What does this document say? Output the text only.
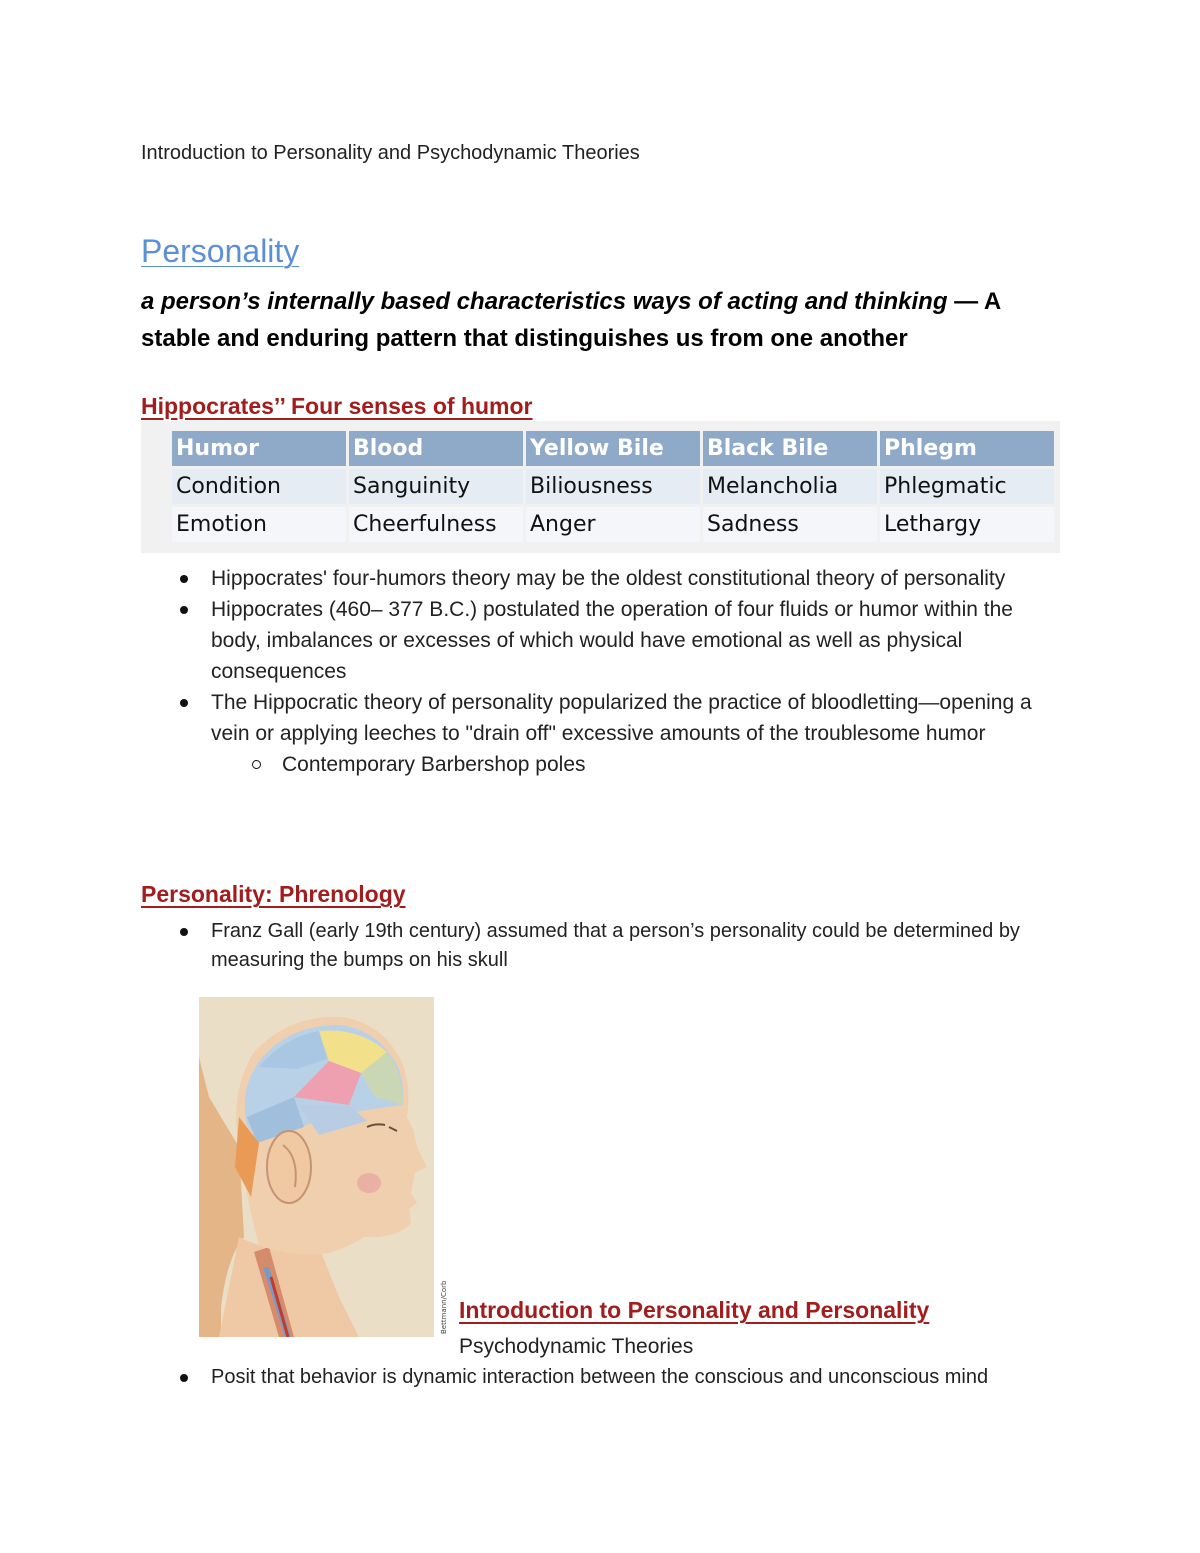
Introduction to Personality and Psychodynamic Theories
Personality
a person’s internally based characteristics ways of acting and thinking — A stable and enduring pattern that distinguishes us from one another
Hippocrates’’ Four senses of humor
Humor	Blood	Yellow Bile	Black Bile	Phlegm
Condition	Sanguinity	Biliousness	Melancholia	Phlegmatic
Emotion	Cheerfulness	Anger	Sadness	Lethargy
Hippocrates' four-humors theory may be the oldest constitutional theory of personality
Hippocrates (460– 377 B.C.) postulated the operation of four fluids or humor within the body, imbalances or excesses of which would have emotional as well as physical consequences
The Hippocratic theory of personality popularized the practice of bloodletting—opening a vein or applying leeches to "drain off" excessive amounts of the troublesome humor
Contemporary Barbershop poles
Personality: Phrenology
Franz Gall (early 19th century) assumed that a person’s personality could be determined by measuring the bumps on his skull
Bettmann/Corbis Introduction to Personality and Personality
Psychodynamic Theories
Posit that behavior is dynamic interaction between the conscious and unconscious mind
